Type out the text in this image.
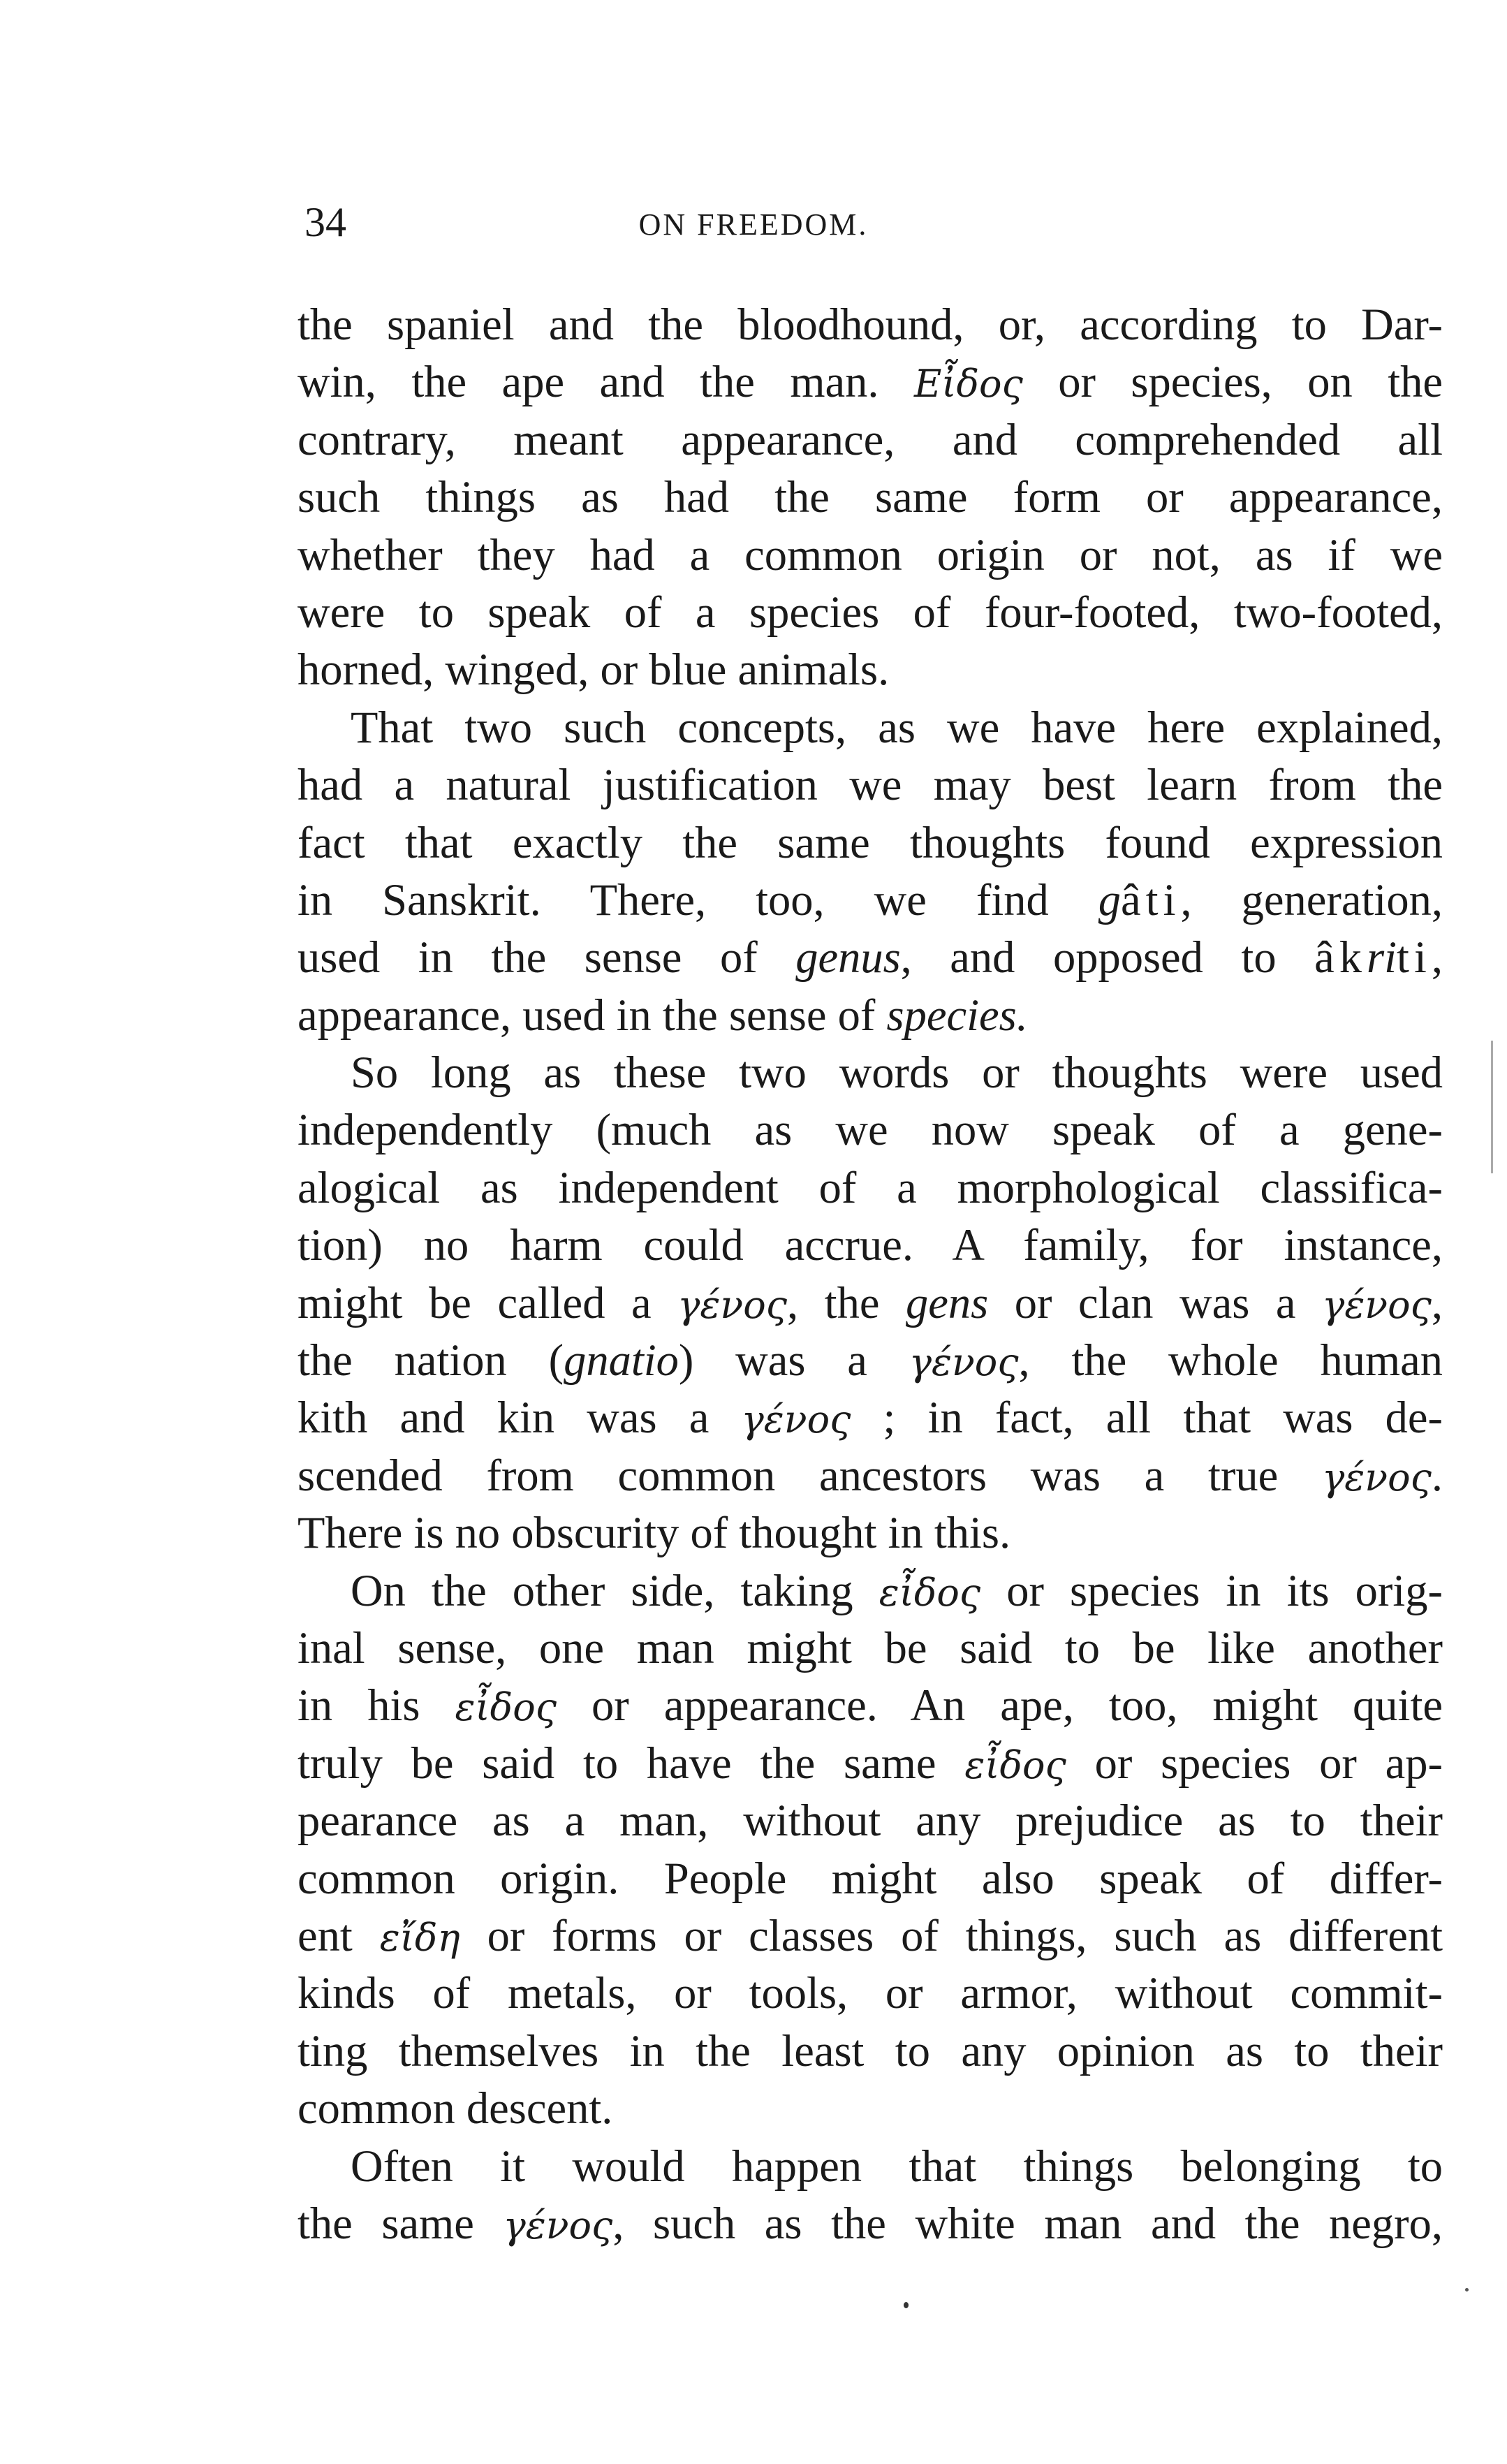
34	ON FREEDOM.
the spaniel and the bloodhound, or, according to Dar-
win, the ape and the man. Εἶδος or species, on the
contrary, meant appearance, and comprehended all
such things as had the same form or appearance,
whether they had a common origin or not, as if we
were to speak of a species of four-footed, two-footed,
horned, winged, or blue animals.
That two such concepts, as we have here explained,
had a natural justification we may best learn from the
fact that exactly the same thoughts found expression
in Sanskrit. There, too, we find gâti, generation,
used in the sense of genus, and opposed to âkriti,
appearance, used in the sense of species.
So long as these two words or thoughts were used
independently (much as we now speak of a gene-
alogical as independent of a morphological classifica-
tion) no harm could accrue. A family, for instance,
might be called a γένος, the gens or clan was a γένος,
the nation (gnatio) was a γένος, the whole human
kith and kin was a γένος ; in fact, all that was de-
scended from common ancestors was a true γένος.
There is no obscurity of thought in this.
On the other side, taking εἶδος or species in its orig-
inal sense, one man might be said to be like another
in his εἶδος or appearance. An ape, too, might quite
truly be said to have the same εἶδος or species or ap-
pearance as a man, without any prejudice as to their
common origin. People might also speak of differ-
ent εἴδη or forms or classes of things, such as different
kinds of metals, or tools, or armor, without commit-
ting themselves in the least to any opinion as to their
common descent.
Often it would happen that things belonging to
the same γένος, such as the white man and the negro,
